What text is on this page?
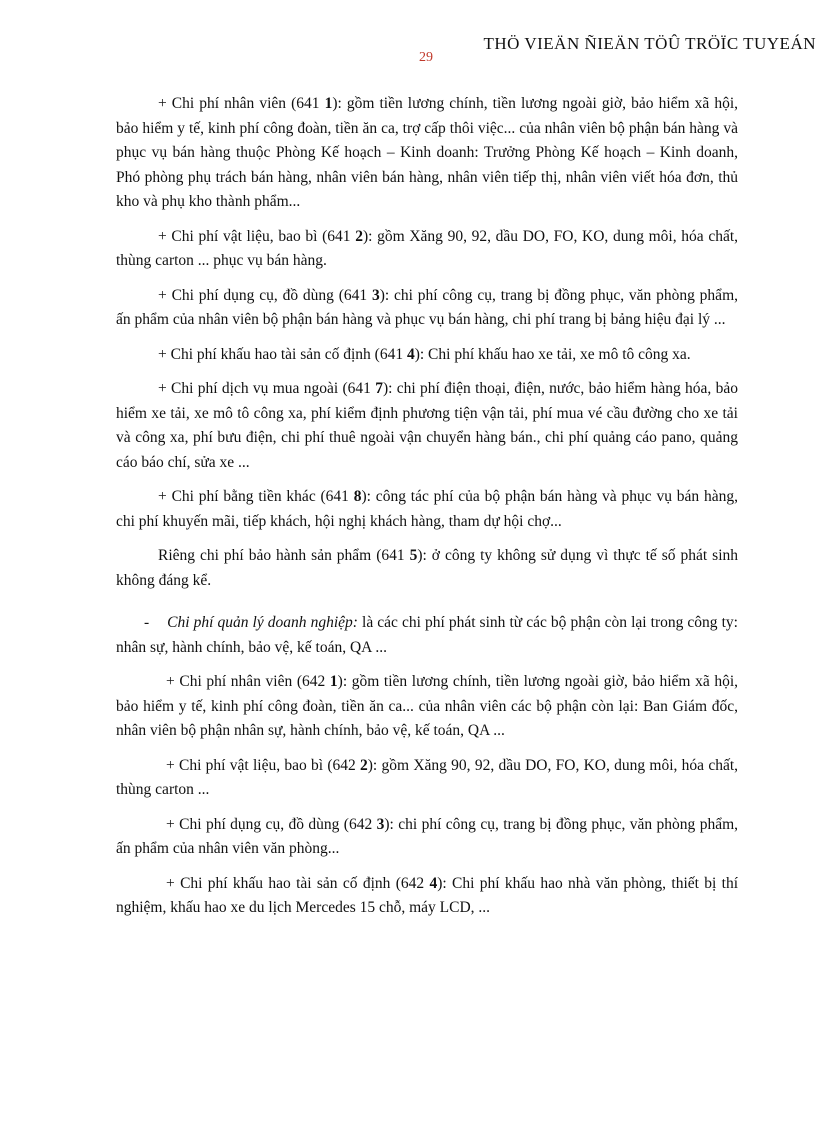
THÖ VIEÄN ÑIEÄN TÖÛ TRÖÏC TUYEÁN
29

+ Chi phí nhân viên (641 1): gồm tiền lương chính, tiền lương ngoài giờ, bảo hiểm xã hội, bảo hiểm y tế, kinh phí công đoàn, tiền ăn ca, trợ cấp thôi việc... của nhân viên bộ phận bán hàng và phục vụ bán hàng thuộc Phòng Kế hoạch – Kinh doanh: Trưởng Phòng Kế hoạch – Kinh doanh, Phó phòng phụ trách bán hàng, nhân viên bán hàng, nhân viên tiếp thị, nhân viên viết hóa đơn, thủ kho và phụ kho thành phẩm...

+ Chi phí vật liệu, bao bì (641 2): gồm Xăng 90, 92, dầu DO, FO, KO, dung môi, hóa chất, thùng carton ... phục vụ bán hàng.

+ Chi phí dụng cụ, đồ dùng (641 3): chi phí công cụ, trang bị đồng phục, văn phòng phẩm, ấn phẩm của nhân viên bộ phận bán hàng và phục vụ bán hàng, chi phí trang bị bảng hiệu đại lý ...

+ Chi phí khấu hao tài sản cố định (641 4): Chi phí khấu hao xe tải, xe mô tô công xa.

+ Chi phí dịch vụ mua ngoài (641 7): chi phí điện thoại, điện, nước, bảo hiểm hàng hóa, bảo hiểm xe tải, xe mô tô công xa, phí kiểm định phương tiện vận tải, phí mua vé cầu đường cho xe tải và công xa, phí bưu điện, chi phí thuê ngoài vận chuyển hàng bán., chi phí quảng cáo pano, quảng cáo báo chí, sửa xe ...

+ Chi phí bằng tiền khác (641 8): công tác phí của bộ phận bán hàng và phục vụ bán hàng, chi phí khuyến mãi, tiếp khách, hội nghị khách hàng, tham dự hội chợ...

Riêng chi phí bảo hành sản phẩm (641 5): ở công ty không sử dụng vì thực tế số phát sinh không đáng kể.

- Chi phí quản lý doanh nghiệp: là các chi phí phát sinh từ các bộ phận còn lại trong công ty: nhân sự, hành chính, bảo vệ, kế toán, QA ...

+ Chi phí nhân viên (642 1): gồm tiền lương chính, tiền lương ngoài giờ, bảo hiểm xã hội, bảo hiểm y tế, kinh phí công đoàn, tiền ăn ca... của nhân viên các bộ phận còn lại: Ban Giám đốc, nhân viên bộ phận nhân sự, hành chính, bảo vệ, kế toán, QA ...

+ Chi phí vật liệu, bao bì (642 2): gồm Xăng 90, 92, dầu DO, FO, KO, dung môi, hóa chất, thùng carton ...

+ Chi phí dụng cụ, đồ dùng (642 3): chi phí công cụ, trang bị đồng phục, văn phòng phẩm, ấn phẩm của nhân viên văn phòng...

+ Chi phí khấu hao tài sản cố định (642 4): Chi phí khấu hao nhà văn phòng, thiết bị thí nghiệm, khấu hao xe du lịch Mercedes 15 chỗ, máy LCD, ...
